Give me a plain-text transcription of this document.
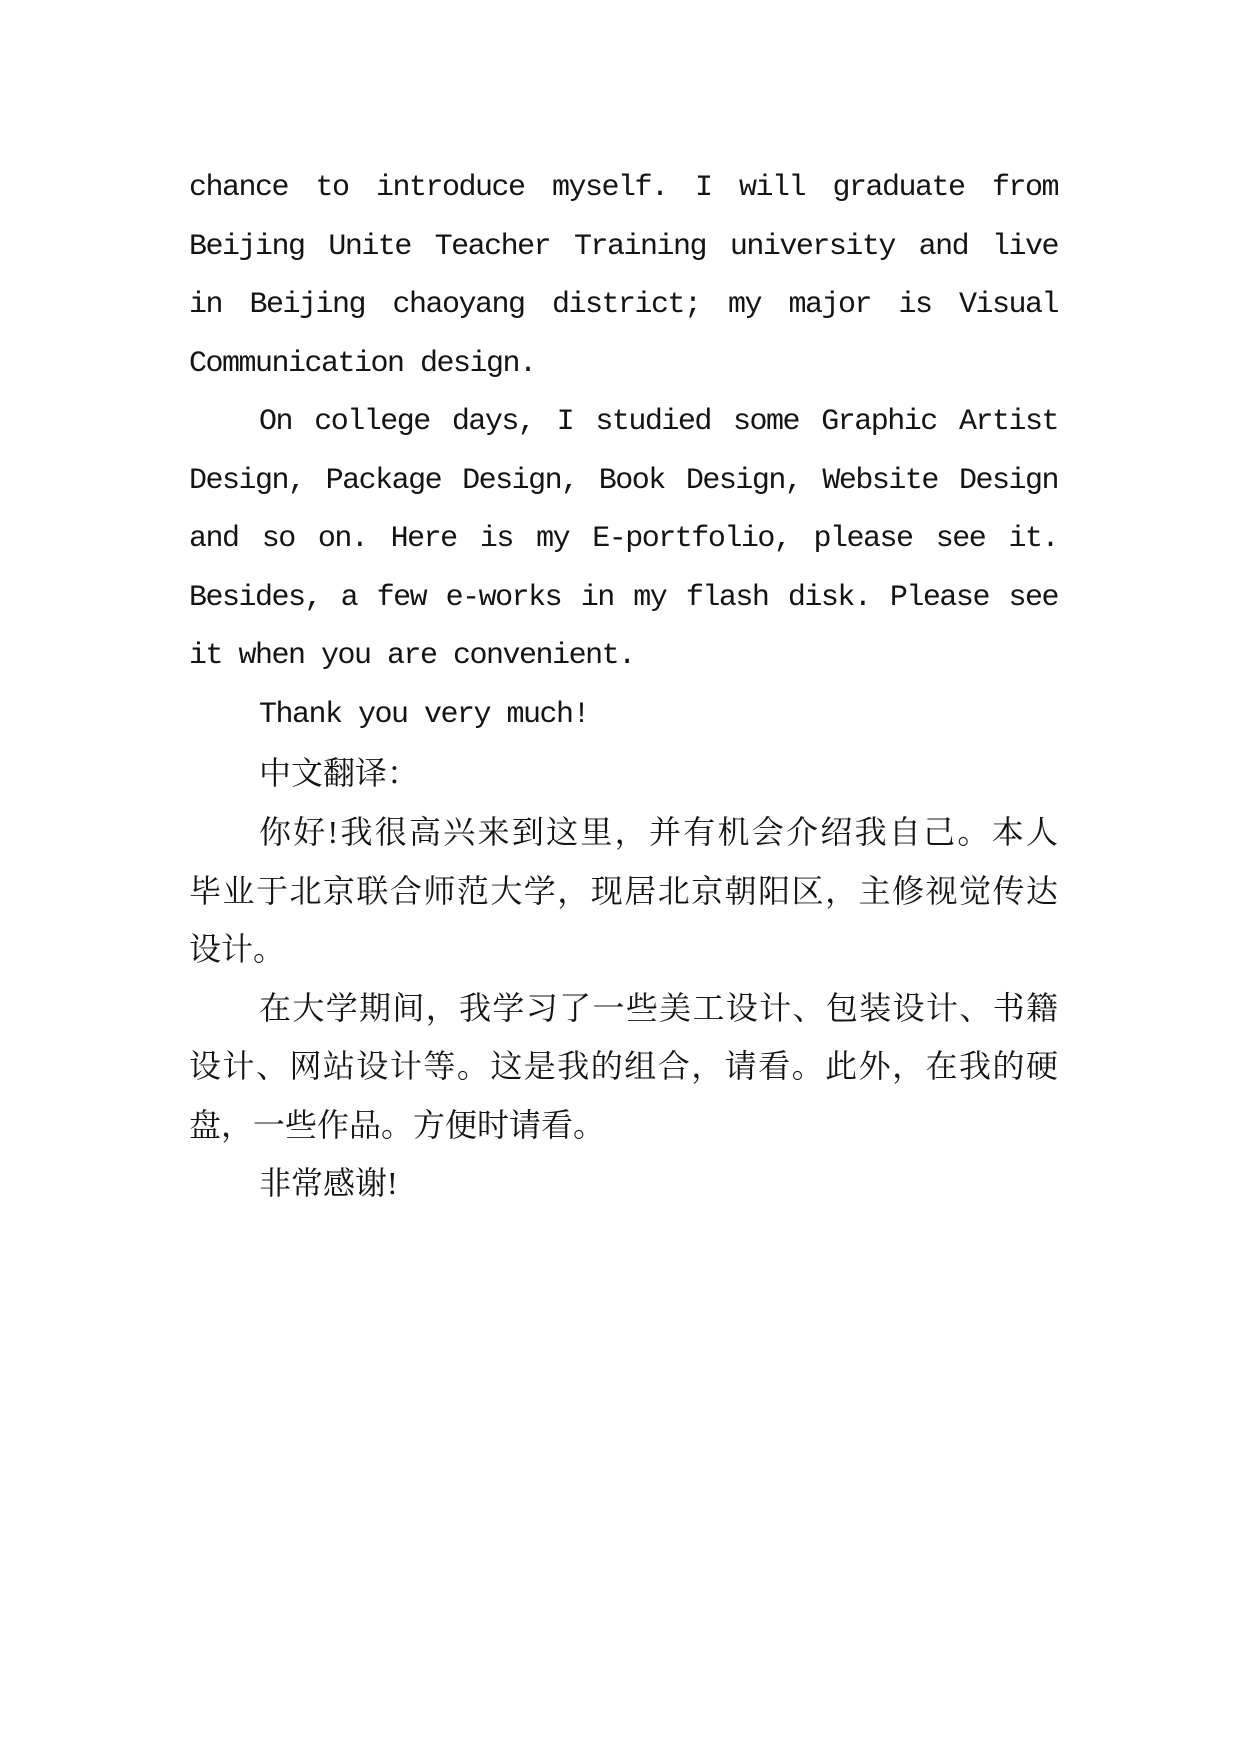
chance to introduce myself. I will graduate from
Beijing Unite Teacher Training university and live
in Beijing chaoyang district; my major is Visual
Communication design.
On college days, I studied some Graphic Artist
Design, Package Design, Book Design, Website Design
and so on. Here is my E-portfolio, please see it.
Besides, a few e-works in my flash disk. Please see
it when you are convenient.
Thank you very much!
中文翻译：
你好!我很高兴来到这里，并有机会介绍我自己。本人
毕业于北京联合师范大学，现居北京朝阳区，主修视觉传达
设计。
在大学期间，我学习了一些美工设计、包装设计、书籍
设计、网站设计等。这是我的组合，请看。此外，在我的硬
盘，一些作品。方便时请看。
非常感谢!
